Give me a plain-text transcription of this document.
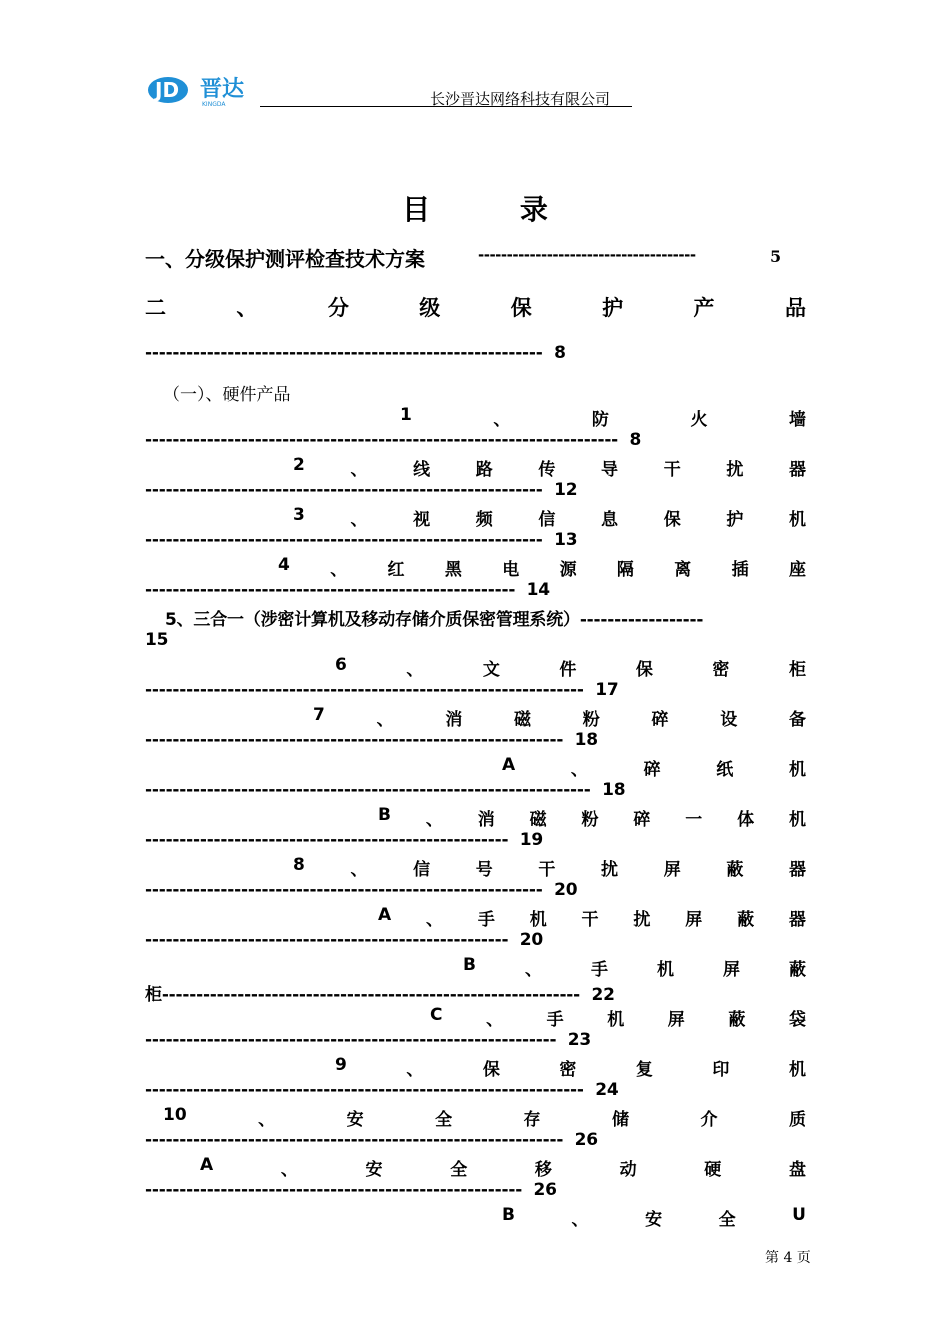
JD 晋达
KINGDA	长沙晋达网络科技有限公司
目 录
一、分级保护测评检查技术方案	--------------------------------------	5
二	、	分	级	保	护	产	品
---------------------------------------------------------- 8
（一）、硬件产品
1	、	防	火	墙
--------------------------------------------------------------------- 8
2	、	线	路	传	导	干	扰	器
---------------------------------------------------------- 12
3	、	视	频	信	息	保	护	机
---------------------------------------------------------- 13
4 、 红 黑 电 源 隔 离 插 座
------------------------------------------------------ 14
5、三合一（涉密计算机及移动存储介质保密管理系统）------------------
15
6	、	文	件	保	密	柜
---------------------------------------------------------------- 17
7	、	消	磁	粉	碎	设	备
------------------------------------------------------------- 18
A	、	碎	纸	机
----------------------------------------------------------------- 18
B 、 消 磁 粉 碎 一 体 机
----------------------------------------------------- 19
8	、	信	号	干	扰	屏	蔽	器
---------------------------------------------------------- 20
A 、 手 机 干 扰 屏 蔽 器
----------------------------------------------------- 20
B	、	手	机	屏	蔽
柜------------------------------------------------------------- 22
C	、	手	机	屏	蔽	袋
------------------------------------------------------------ 23
9	、	保	密	复	印	机
---------------------------------------------------------------- 24
10	、	安	全	存	储	介	质
------------------------------------------------------------- 26
A	、	安	全	移	动	硬	盘
------------------------------------------------------- 26
B	、	安	全	U
第 4 页
